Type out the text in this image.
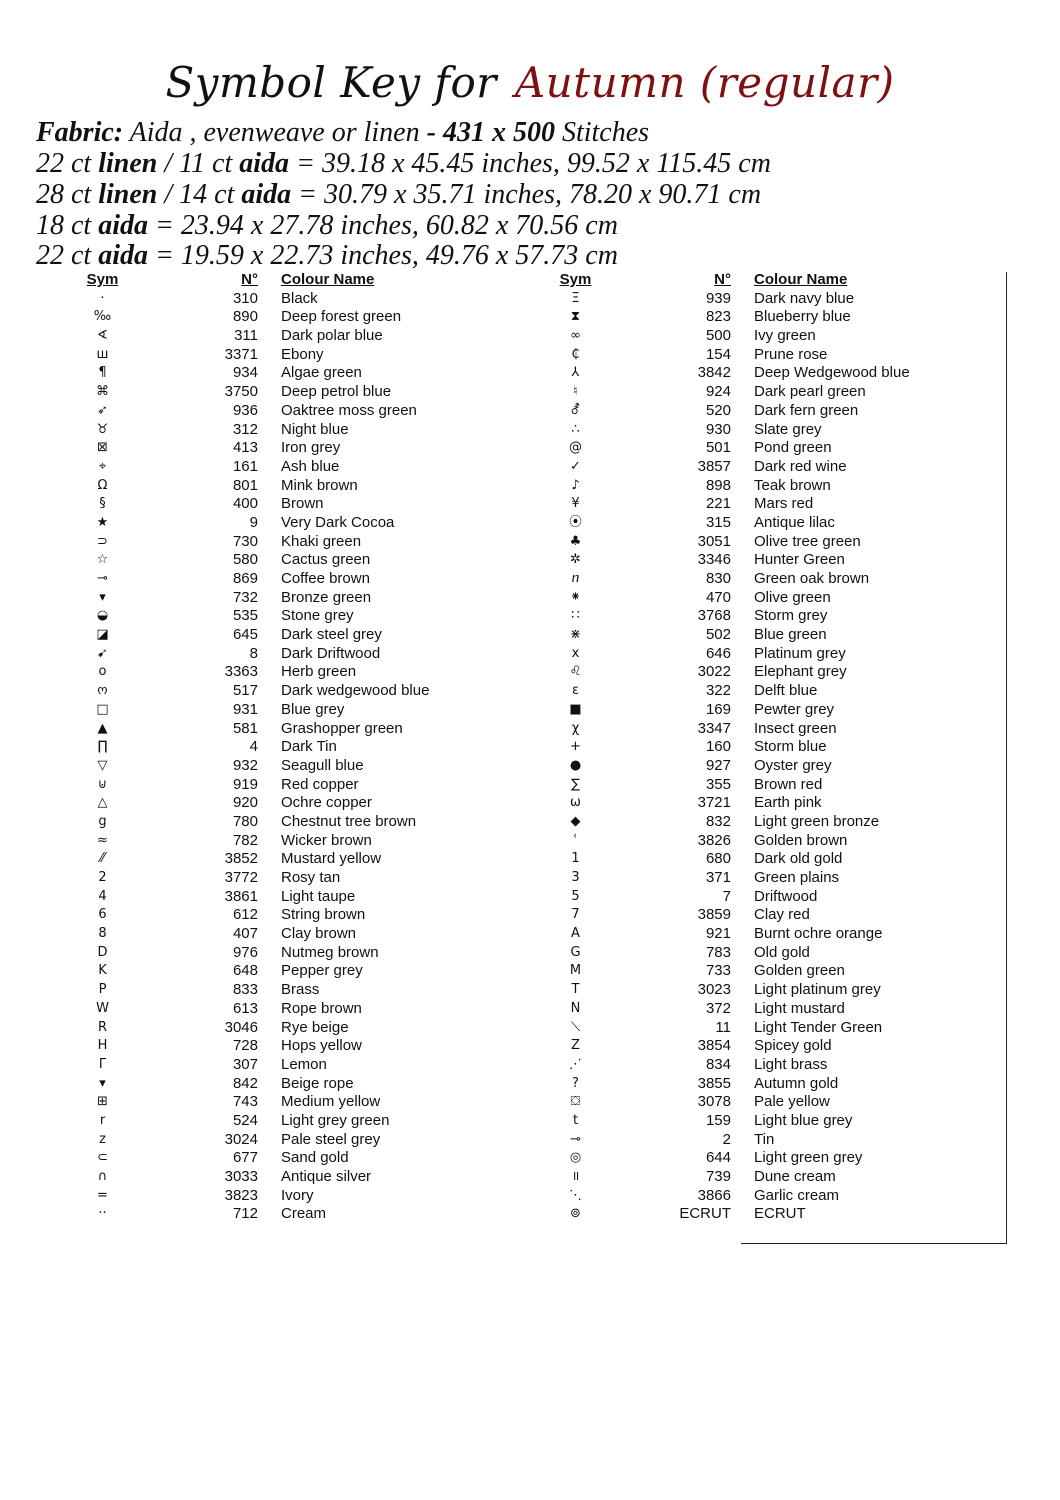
Symbol Key for Autumn (regular)
Fabric: Aida , evenweave or linen - 431 x 500 Stitches
22 ct linen / 11 ct aida = 39.18 x 45.45 inches, 99.52 x 115.45 cm
28 ct linen / 14 ct aida = 30.79 x 35.71 inches, 78.20 x 90.71 cm
18 ct aida = 23.94 x 27.78 inches, 60.82 x 70.56 cm
22 ct aida = 19.59 x 22.73 inches, 49.76 x 57.73 cm
Sym	N° Colour Name
·	310 Black
‰	890 Deep forest green
∢	311 Dark polar blue
ш	3371 Ebony
¶	934 Algae green
⌘	3750 Deep petrol blue
➶	936 Oaktree moss green
♉	312 Night blue
⊠	413 Iron grey
⌖	161 Ash blue
Ω	801 Mink brown
§	400 Brown
★	9 Very Dark Cocoa
⊃	730 Khaki green
☆	580 Cactus green
⊸	869 Coffee brown
▾	732 Bronze green
◒	535 Stone grey
◪	645 Dark steel grey
➹	8 Dark Driftwood
o	3363 Herb green
ო	517 Dark wedgewood blue
□	931 Blue grey
▲	581 Grashopper green
∏	4 Dark Tin
▽	932 Seagull blue
⊍	919 Red copper
△	920 Ochre copper
g	780 Chestnut tree brown
≈	782 Wicker brown
⁄⁄	3852 Mustard yellow
2	3772 Rosy tan
4	3861 Light taupe
6	612 String brown
8	407 Clay brown
D	976 Nutmeg brown
K	648 Pepper grey
P	833 Brass
W	613 Rope brown
R	3046 Rye beige
H	728 Hops yellow
Γ	307 Lemon
▾	842 Beige rope
⊞	743 Medium yellow
r	524 Light grey green
z	3024 Pale steel grey
⊂	677 Sand gold
∩	3033 Antique silver
=	3823 Ivory
··	712 Cream
Sym	N° Colour Name
Ξ	939 Dark navy blue
⧗	823 Blueberry blue
∞	500 Ivy green
₵	154 Prune rose
⅄	3842 Deep Wedgewood blue
♮	924 Dark pearl green
⚦	520 Dark fern green
∴	930 Slate grey
@	501 Pond green
✓	3857 Dark red wine
♪	898 Teak brown
¥	221 Mars red
⦿	315 Antique lilac
♣	3051 Olive tree green
✲	3346 Hunter Green
ⴖ	830 Green oak brown
⁕	470 Olive green
∷	3768 Storm grey
⋇	502 Blue green
x	646 Platinum grey
♌	3022 Elephant grey
ε	322 Delft blue
■	169 Pewter grey
χ	3347 Insect green
+	160 Storm blue
●	927 Oyster grey
∑	355 Brown red
ω	3721 Earth pink
◆	832 Light green bronze
ʿ	3826 Golden brown
1	680 Dark old gold
3	371 Green plains
5	7 Driftwood
7	3859 Clay red
A	921 Burnt ochre orange
G	783 Old gold
M	733 Golden green
T	3023 Light platinum grey
N	372 Light mustard
⟍	11 Light Tender Green
Z	3854 Spicey gold
⋰	834 Light brass
?	3855 Autumn gold
⛋	3078 Pale yellow
t	159 Light blue grey
⊸	2 Tin
◎	644 Light green grey
॥	739 Dune cream
⋱	3866 Garlic cream
⊚	ECRUT ECRUT
